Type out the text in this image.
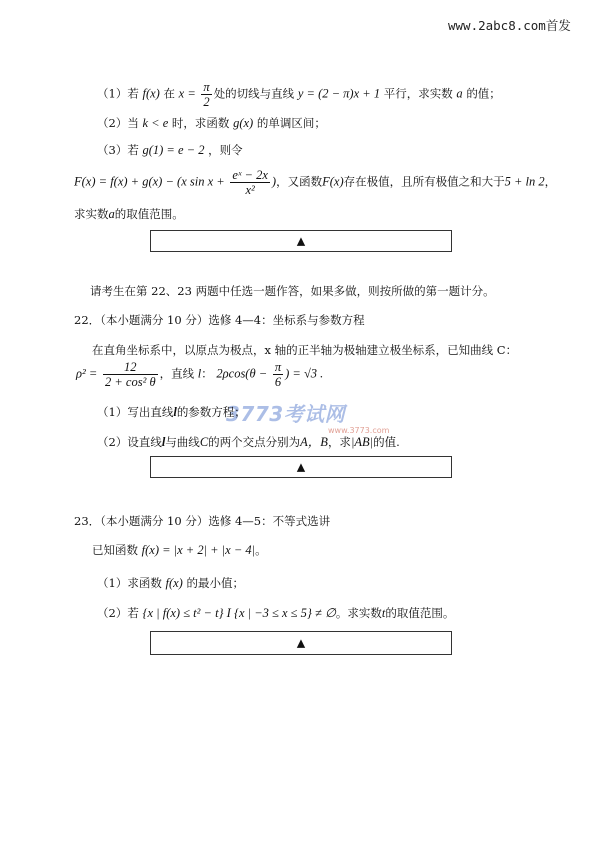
www.2abc8.com首发
（1）若 f(x) 在 $x = \frac{\pi}{2}$ 处的切线与直线 y = (2 − π)x + 1 平行，求实数 a 的值；
（2）当 k < e 时，求函数 g(x) 的单调区间；
（3）若 g(1) = e − 2 ，则令
F(x) = f(x) + g(x) − (x $\sin x + \frac{\text{eˣ − 2x}}{\text{x²}}$ )，又函数F(x)存在极值，且所有极值之和大于5 + ln 2，
求实数a的取值范围。
▲
请考生在第 22、23 两题中任选一题作答，如果多做，则按所做的第一题计分。
22．（本小题满分 10 分）选修 4—4：坐标系与参数方程
在直角坐标系中，以原点为极点，x 轴的正半轴为极轴建立极坐标系，已知曲线 C：
$\rho^2 = \frac{12}{\text{2 + cos² θ}}$ ，直线 l： $2\rho\cos(\theta - \frac{\pi}{6}$ ) = √3 .
3773考试网
www.3773.com
（1）写出直线l的参数方程；
（2）设直线l与曲线C的两个交点分别为A，B，求|AB|的值.
▲
23．（本小题满分 10 分）选修 4—5：不等式选讲
已知函数 f(x) = |x + 2| + |x − 4|。
（1）求函数 f(x) 的最小值；
（2）若 {x | f(x) ≤ t² − t} I {x | −3 ≤ x ≤ 5} ≠ ∅。求实数t的取值范围。
▲
